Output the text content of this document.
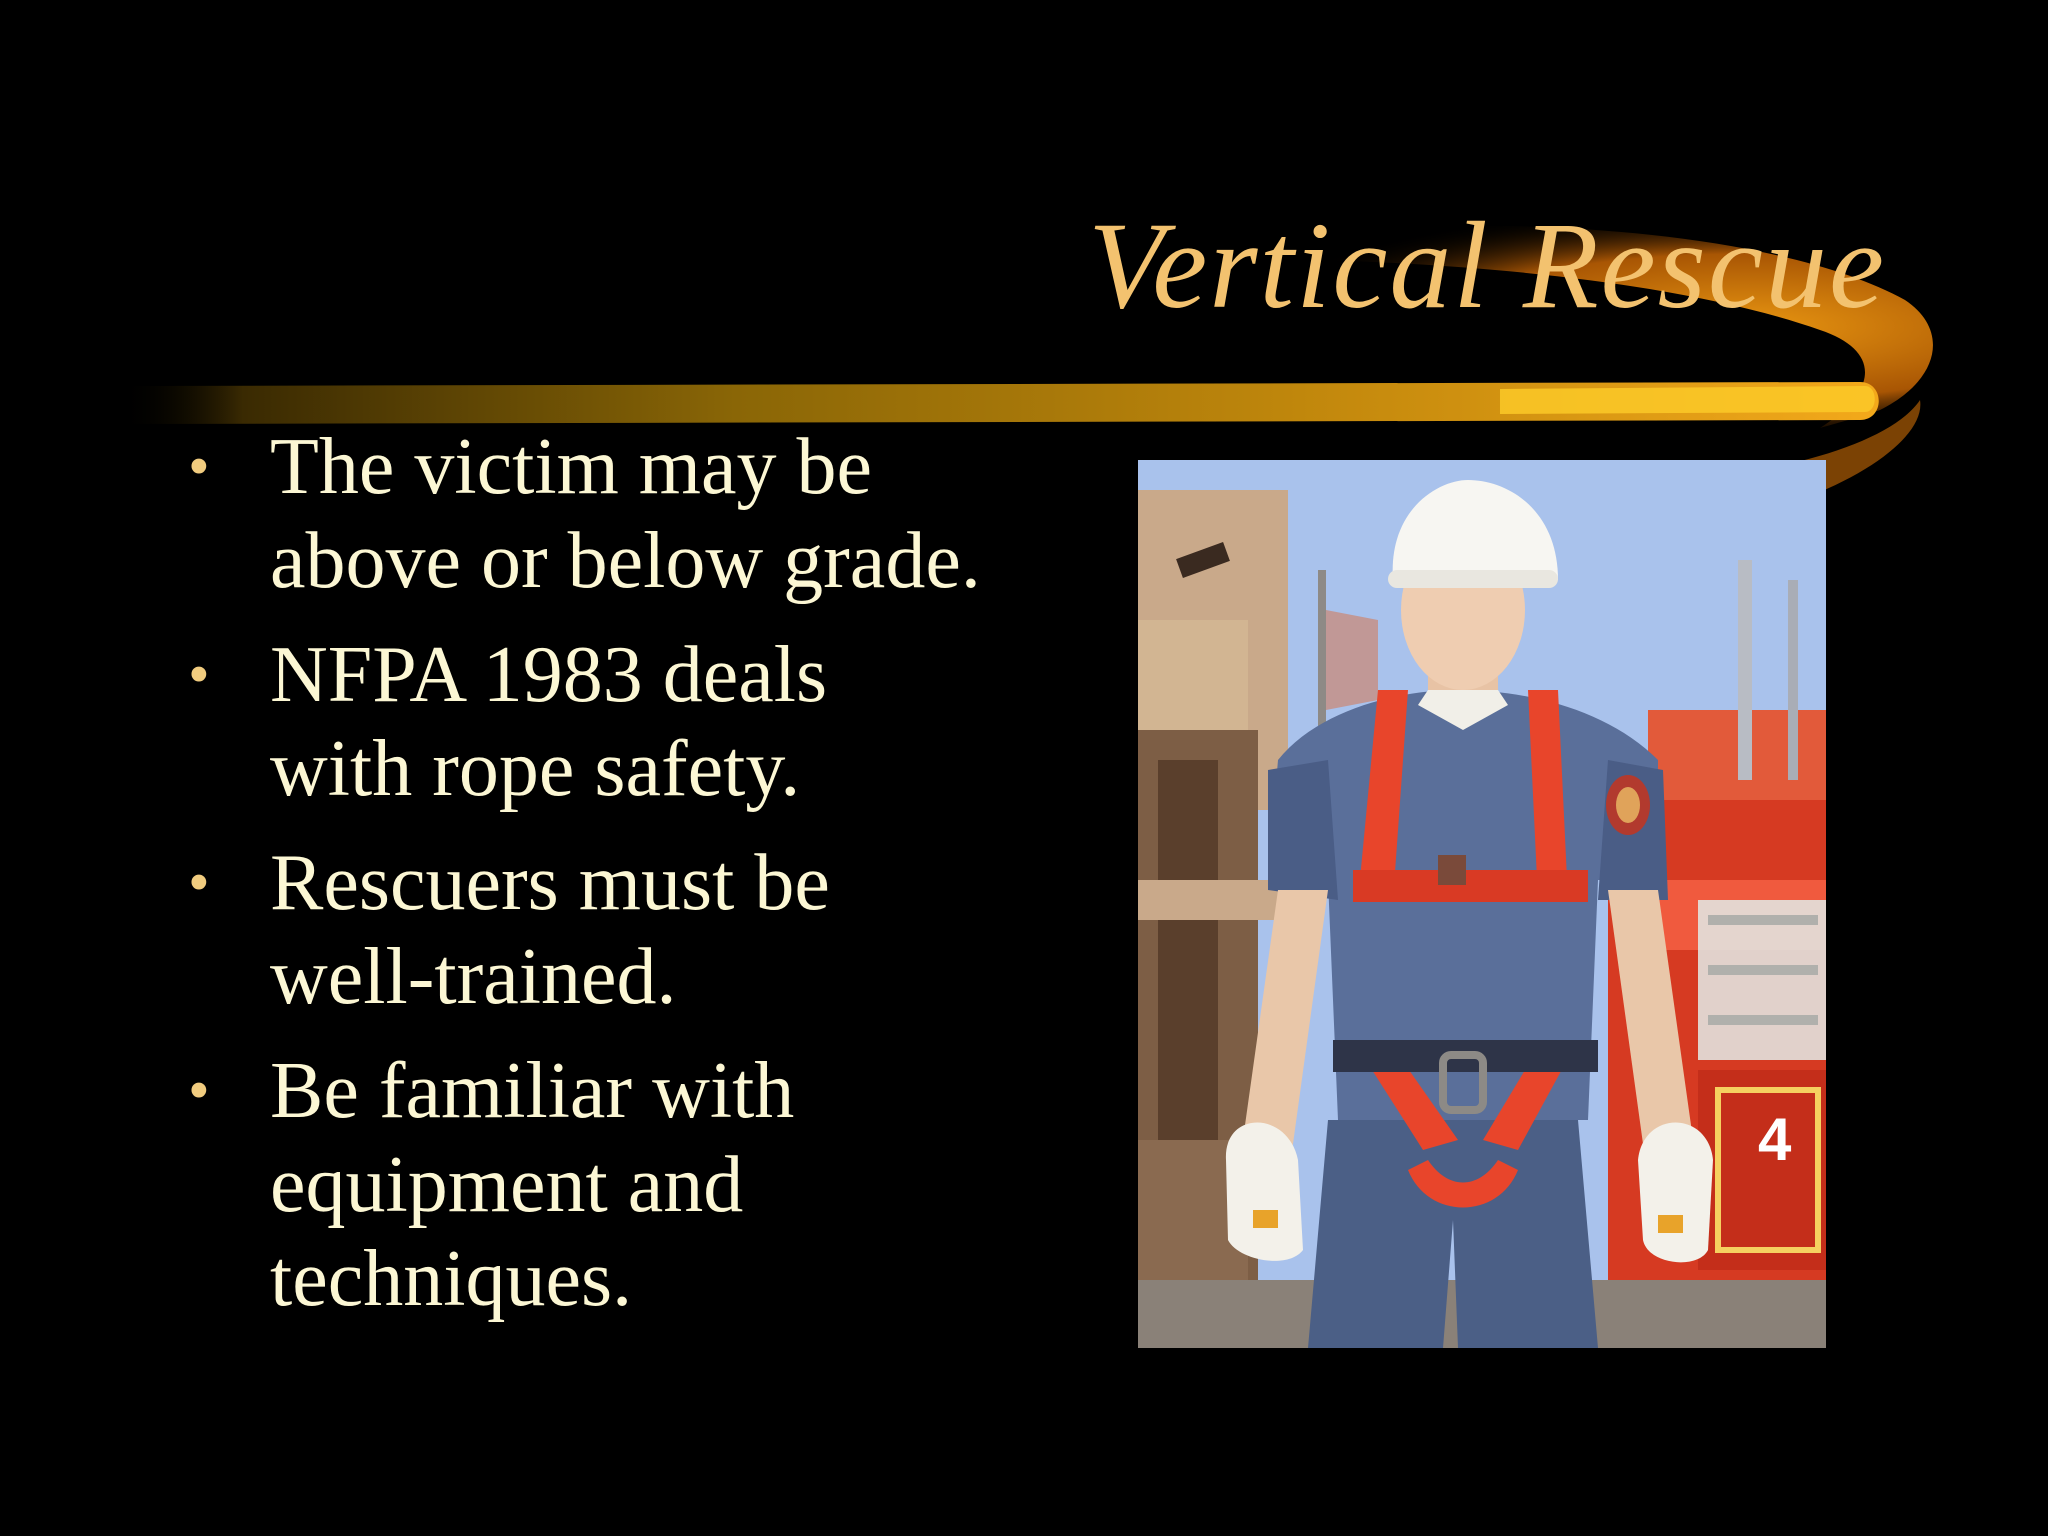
Vertical Rescue
• The victim may be above or below grade.
• NFPA 1983 deals with rope safety.
• Rescuers must be well-trained.
• Be familiar with equipment and techniques.
4
